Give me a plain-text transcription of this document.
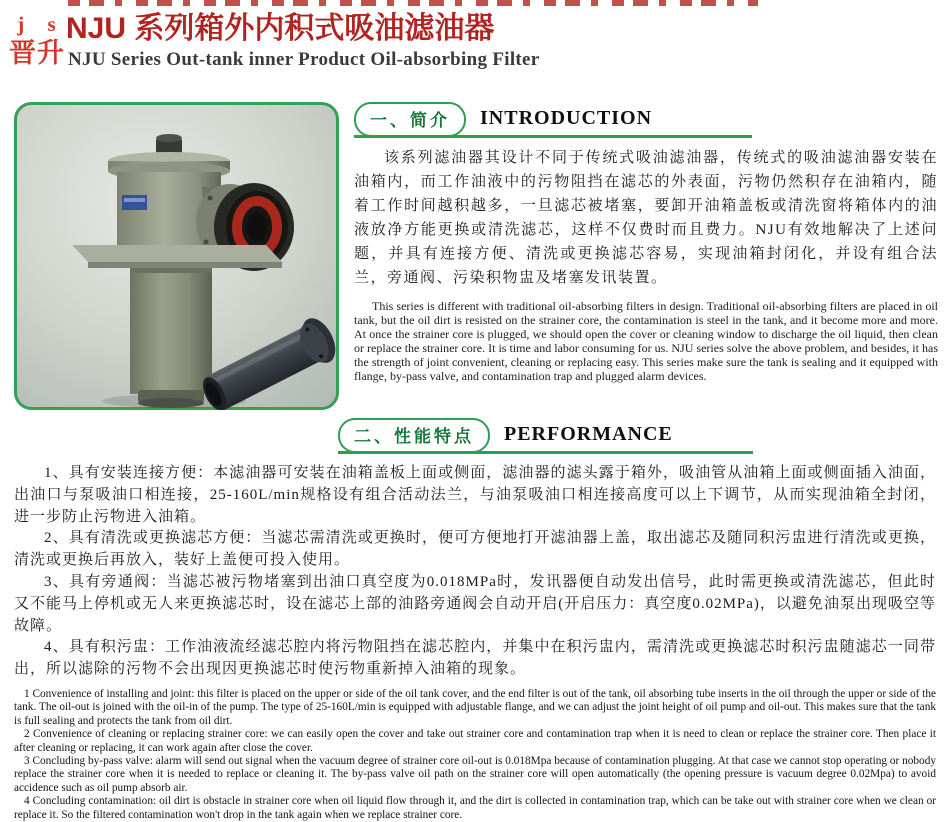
j s
晋升
NJU 系列箱外内积式吸油滤油器
NJU Series Out-tank inner Product Oil-absorbing Filter
一、简介 INTRODUCTION

该系列滤油器其设计不同于传统式吸油滤油器，传统式的吸油滤油器安装在油箱内，而工作油液中的污物阻挡在滤芯的外表面，污物仍然积存在油箱内，随着工作时间越积越多，一旦滤芯被堵塞，要卸开油箱盖板或清洗窗将箱体内的油液放净方能更换或清洗滤芯，这样不仅费时而且费力。NJU有效地解决了上述问题，并具有连接方便、清洗或更换滤芯容易，实现油箱封闭化，并设有组合法兰，旁通阀、污染积物盅及堵塞发讯装置。

This series is different with traditional oil-absorbing filters in design. Traditional oil-absorbing filters are placed in oil tank, but the oil dirt is resisted on the strainer core, the contamination is steel in the tank, and it become more and more. At once the strainer core is plugged, we should open the cover or cleaning window to discharge the oil liquid, then clean or replace the strainer core. It is time and labor consuming for us. NJU series solve the above problem, and besides, it has the strength of joint convenient, cleaning or replacing easy. This series make sure the tank is sealing and it equipped with flange, by-pass valve, and contamination trap and plugged alarm devices.

二、性能特点 PERFORMANCE

1、具有安装连接方便：本滤油器可安装在油箱盖板上面或侧面，滤油器的滤头露于箱外，吸油管从油箱上面或侧面插入油面，出油口与泵吸油口相连接，25-160L/min规格设有组合活动法兰，与油泵吸油口相连接高度可以上下调节，从而实现油箱全封闭，进一步防止污物进入油箱。

2、具有清洗或更换滤芯方便：当滤芯需清洗或更换时，便可方便地打开滤油器上盖，取出滤芯及随同积污盅进行清洗或更换，清洗或更换后再放入，装好上盖便可投入使用。

3、具有旁通阀：当滤芯被污物堵塞到出油口真空度为0.018MPa时，发讯器便自动发出信号，此时需更换或清洗滤芯，但此时又不能马上停机或无人来更换滤芯时，设在滤芯上部的油路旁通阀会自动开启(开启压力：真空度0.02MPa)，以避免油泵出现吸空等故障。

4、具有积污盅：工作油液流经滤芯腔内将污物阻挡在滤芯腔内，并集中在积污盅内，需清洗或更换滤芯时积污盅随滤芯一同带出，所以滤除的污物不会出现因更换滤芯时使污物重新掉入油箱的现象。

1 Convenience of installing and joint: this filter is placed on the upper or side of the oil tank cover, and the end filter is out of the tank, oil absorbing tube inserts in the oil through the upper or side of the tank. The oil-out is joined with the oil-in of the pump. The type of 25-160L/min is equipped with adjustable flange, and we can adjust the joint height of oil pump and oil-out. This makes sure that the tank is full sealing and protects the tank from oil dirt.

2 Convenience of cleaning or replacing strainer core: we can easily open the cover and take out strainer core and contamination trap when it is need to clean or replace the strainer core. Then place it after cleaning or replacing, it can work again after close the cover.

3 Concluding by-pass valve: alarm will send out signal when the vacuum degree of strainer core oil-out is 0.018Mpa because of contamination plugging. At that case we cannot stop operating or nobody replace the strainer core when it is needed to replace or cleaning it. The by-pass valve oil path on the strainer core will open automatically (the opening pressure is vacuum degree 0.02Mpa) to avoid accidence such as oil pump absorb air.

4 Concluding contamination: oil dirt is obstacle in strainer core when oil liquid flow through it, and the dirt is collected in contamination trap, which can be take out with strainer core when we clean or replace it. So the filtered contamination won't drop in the tank again when we replace strainer core.
